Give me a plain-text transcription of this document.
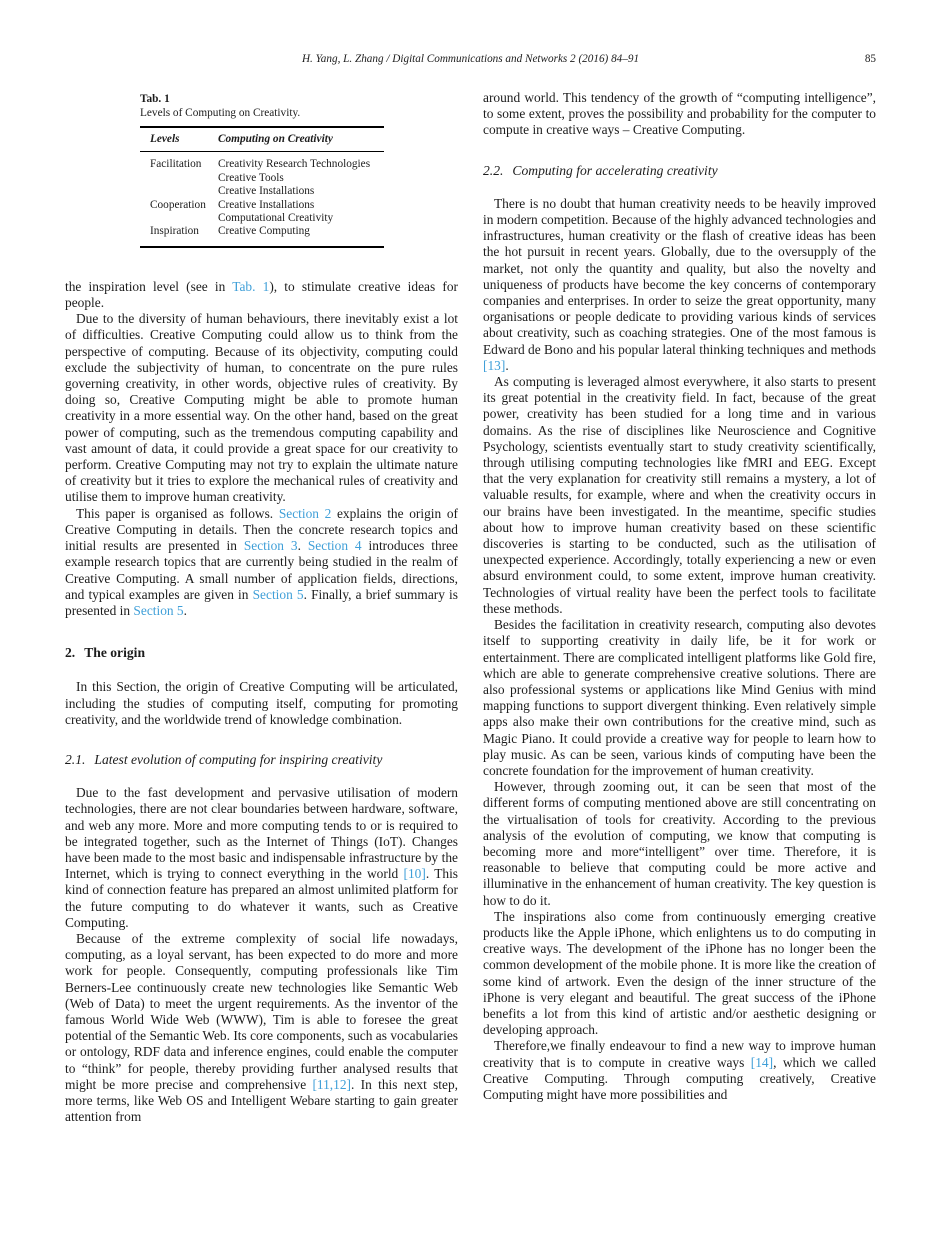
H. Yang, L. Zhang / Digital Communications and Networks 2 (2016) 84–91	85
Tab. 1
Levels of Computing on Creativity.
Levels	Computing on Creativity
Facilitation	Creativity Research Technologies
	Creative Tools
	Creative Installations
Cooperation	Creative Installations
	Computational Creativity
Inspiration	Creative Computing
the inspiration level (see in Tab. 1), to stimulate creative ideas for people.
Due to the diversity of human behaviours, there inevitably exist a lot of difficulties. Creative Computing could allow us to think from the perspective of computing. Because of its objectivity, computing could exclude the subjectivity of human, to concentrate on the pure rules governing creativity, in other words, objective rules of creativity. By doing so, Creative Computing might be able to promote human creativity in a more essential way. On the other hand, based on the great power of computing, such as the tremendous computing capability and vast amount of data, it could provide a great space for our creativity to perform. Creative Computing may not try to explain the ultimate nature of creativity but it tries to explore the mechanical rules of creativity and utilise them to improve human creativity.
This paper is organised as follows. Section 2 explains the origin of Creative Computing in details. Then the concrete research topics and initial results are presented in Section 3. Section 4 introduces three example research topics that are currently being studied in the realm of Creative Computing. A small number of application fields, directions, and typical examples are given in Section 5. Finally, a brief summary is presented in Section 5.
2. The origin
In this Section, the origin of Creative Computing will be articulated, including the studies of computing itself, computing for promoting creativity, and the worldwide trend of knowledge combination.
2.1. Latest evolution of computing for inspiring creativity
Due to the fast development and pervasive utilisation of modern technologies, there are not clear boundaries between hardware, software, and web any more. More and more computing tends to or is required to be integrated together, such as the Internet of Things (IoT). Changes have been made to the most basic and indispensable infrastructure by the Internet, which is trying to connect everything in the world [10]. This kind of connection feature has prepared an almost unlimited platform for the future computing to do whatever it wants, such as Creative Computing.
Because of the extreme complexity of social life nowadays, computing, as a loyal servant, has been expected to do more and more work for people. Consequently, computing professionals like Tim Berners-Lee continuously create new technologies like Semantic Web (Web of Data) to meet the urgent requirements. As the inventor of the famous World Wide Web (WWW), Tim is able to foresee the great potential of the Semantic Web. Its core components, such as vocabularies or ontology, RDF data and inference engines, could enable the computer to “think” for people, thereby providing further analysed results that might be more precise and comprehensive [11,12]. In this next step, more terms, like Web OS and Intelligent Webare starting to gain greater attention from
around world. This tendency of the growth of “computing intelligence”, to some extent, proves the possibility and probability for the computer to compute in creative ways – Creative Computing.
2.2. Computing for accelerating creativity
There is no doubt that human creativity needs to be heavily improved in modern competition. Because of the highly advanced technologies and infrastructures, human creativity or the flash of creative ideas has been the hot pursuit in recent years. Globally, due to the oversupply of the market, not only the quantity and quality, but also the novelty and uniqueness of products have become the key concerns of contemporary companies and enterprises. In order to seize the great opportunity, many organisations or people dedicate to providing various kinds of services about creativity, such as coaching strategies. One of the most famous is Edward de Bono and his popular lateral thinking techniques and methods [13].
As computing is leveraged almost everywhere, it also starts to present its great potential in the creativity field. In fact, because of the great power, creativity has been studied for a long time and in various domains. As the rise of disciplines like Neuroscience and Cognitive Psychology, scientists eventually start to study creativity scientifically, through utilising computing technologies like fMRI and EEG. Except that the very explanation for creativity still remains a mystery, a lot of valuable results, for example, where and when the creativity occurs in our brains have been investigated. In the meantime, specific studies about how to improve human creativity based on these scientific discoveries is starting to be conducted, such as the utilisation of unexpected experience. Accordingly, totally experiencing a new or even absurd environment could, to some extent, improve human creativity. Technologies of virtual reality have been the perfect tools to facilitate these methods.
Besides the facilitation in creativity research, computing also devotes itself to supporting creativity in daily life, be it for work or entertainment. There are complicated intelligent platforms like Gold fire, which are able to generate comprehensive creative solutions. There are also professional systems or applications like Mind Genius with mind mapping functions to support divergent thinking. Even relatively simple apps also make their own contributions for the creative mind, such as Magic Piano. It could provide a creative way for people to learn how to play music. As can be seen, various kinds of computing have been the concrete foundation for the improvement of human creativity.
However, through zooming out, it can be seen that most of the different forms of computing mentioned above are still concentrating on the virtualisation of tools for creativity. According to the previous analysis of the evolution of computing, we know that computing is becoming more and more“intelligent” over time. Therefore, it is reasonable to believe that computing could be more active and illuminative in the enhancement of human creativity. The key question is how to do it.
The inspirations also come from continuously emerging creative products like the Apple iPhone, which enlightens us to do computing in creative ways. The development of the iPhone has no longer been the common development of the mobile phone. It is more like the creation of some kind of artwork. Even the design of the inner structure of the iPhone is very elegant and beautiful. The great success of the iPhone benefits a lot from this kind of artistic and/or aesthetic designing or developing approach.
Therefore,we finally endeavour to find a new way to improve human creativity that is to compute in creative ways [14], which we called Creative Computing. Through computing creatively, Creative Computing might have more possibilities and
